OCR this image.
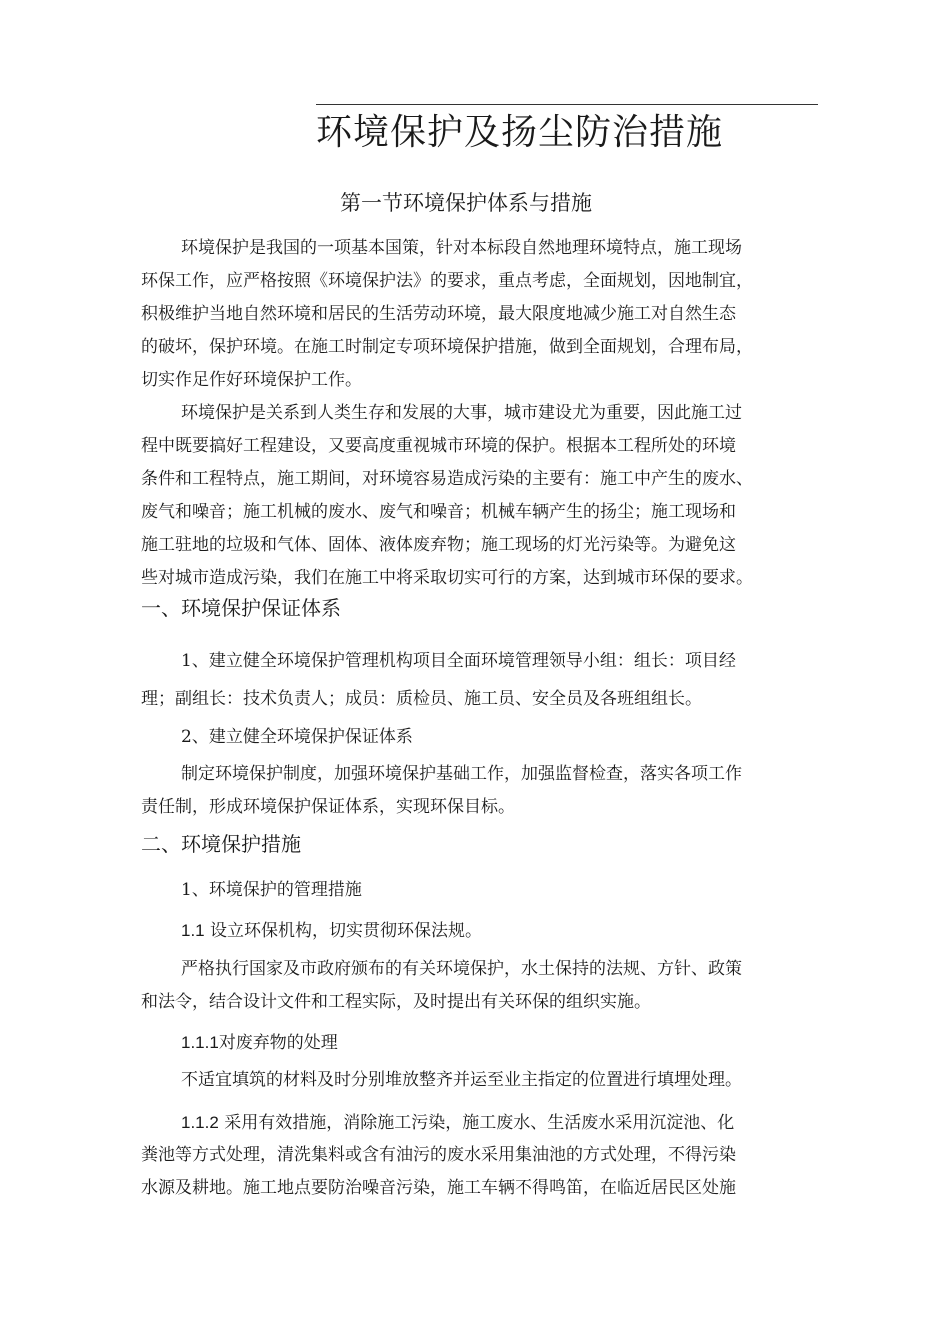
环境保护及扬尘防治措施
第一节环境保护体系与措施
环境保护是我国的一项基本国策，针对本标段自然地理环境特点，施工现场
环保工作，应严格按照《环境保护法》的要求，重点考虑，全面规划，因地制宜，
积极维护当地自然环境和居民的生活劳动环境，最大限度地减少施工对自然生态
的破坏，保护环境。在施工时制定专项环境保护措施，做到全面规划，合理布局，
切实作足作好环境保护工作。
环境保护是关系到人类生存和发展的大事，城市建设尤为重要，因此施工过
程中既要搞好工程建设，又要高度重视城市环境的保护。根据本工程所处的环境
条件和工程特点，施工期间，对环境容易造成污染的主要有：施工中产生的废水、
废气和噪音；施工机械的废水、废气和噪音；机械车辆产生的扬尘；施工现场和
施工驻地的垃圾和气体、固体、液体废弃物；施工现场的灯光污染等。为避免这
些对城市造成污染，我们在施工中将采取切实可行的方案，达到城市环保的要求。
一、环境保护保证体系
1、建立健全环境保护管理机构项目全面环境管理领导小组：组长：项目经
理；副组长：技术负责人；成员：质检员、施工员、安全员及各班组组长。
2、建立健全环境保护保证体系
制定环境保护制度，加强环境保护基础工作，加强监督检查，落实各项工作
责任制，形成环境保护保证体系，实现环保目标。
二、环境保护措施
1、环境保护的管理措施
1.1 设立环保机构，切实贯彻环保法规。
严格执行国家及市政府颁布的有关环境保护，水土保持的法规、方针、政策
和法令，结合设计文件和工程实际，及时提出有关环保的组织实施。
1.1.1对废弃物的处理
不适宜填筑的材料及时分别堆放整齐并运至业主指定的位置进行填埋处理。
1.1.2 采用有效措施，消除施工污染，施工废水、生活废水采用沉淀池、化
粪池等方式处理，清洗集料或含有油污的废水采用集油池的方式处理，不得污染
水源及耕地。施工地点要防治噪音污染，施工车辆不得鸣笛，在临近居民区处施
